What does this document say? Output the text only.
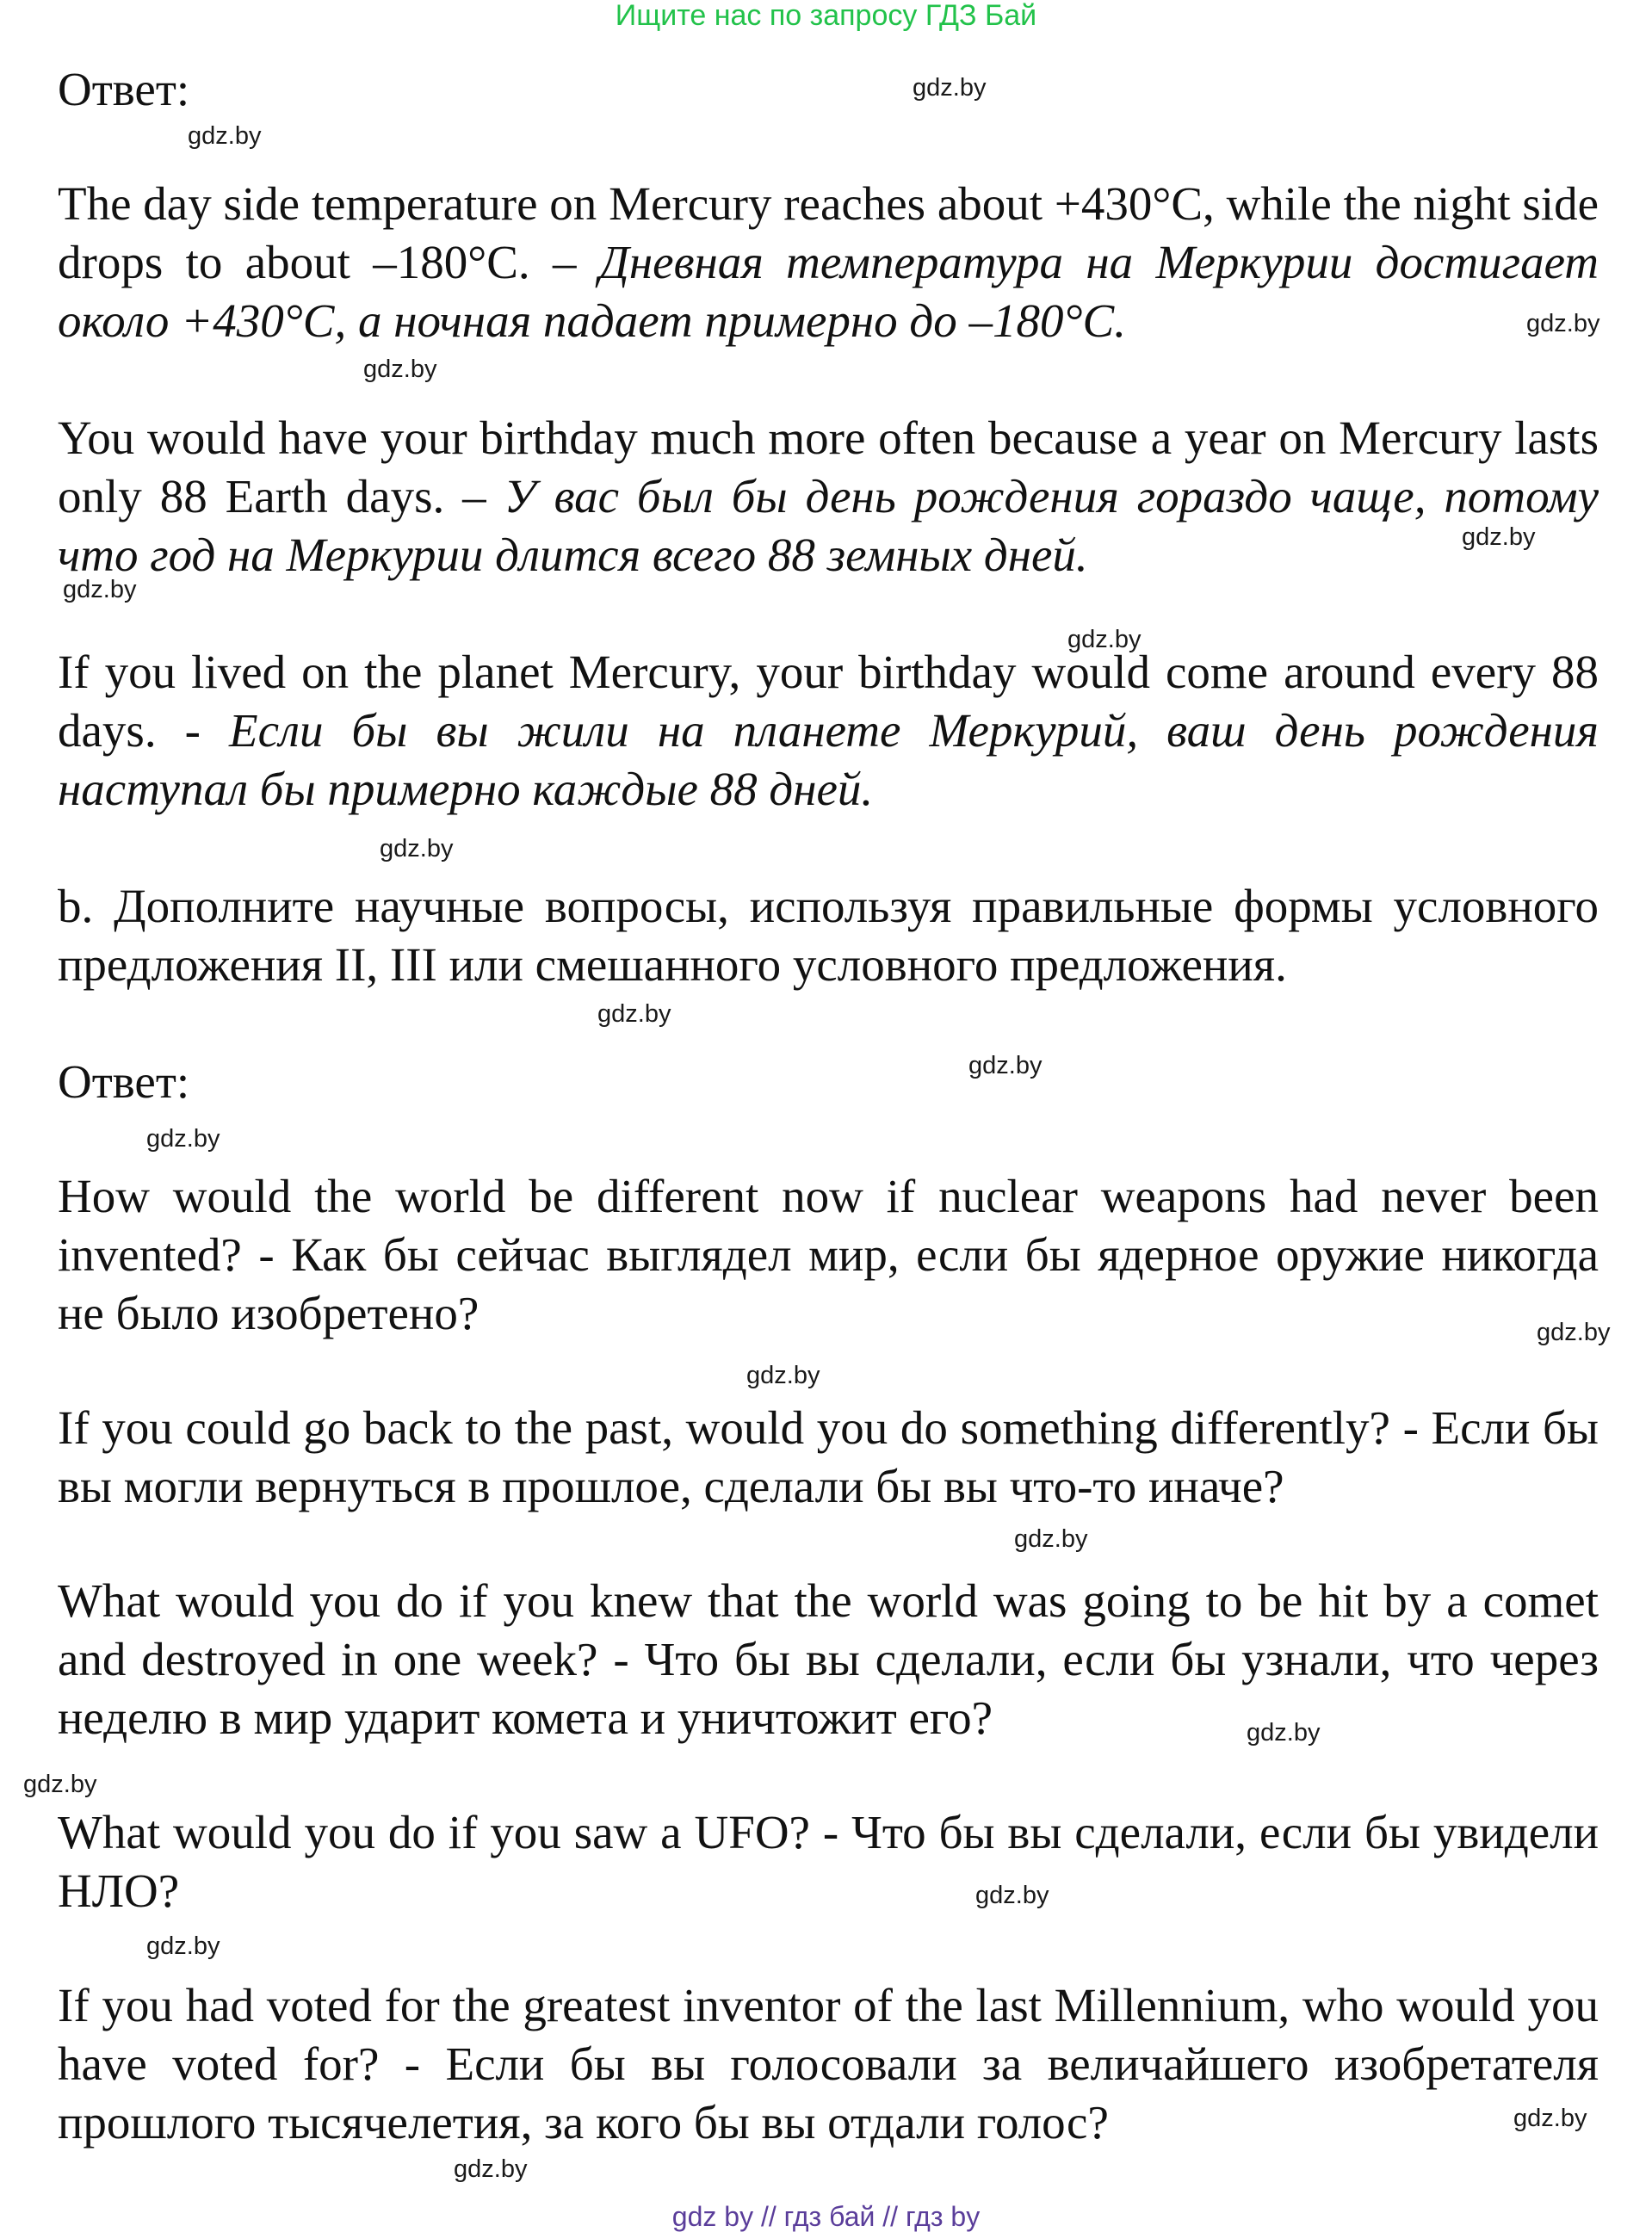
Ищите нас по запросу ГДЗ Бай

Ответ:

The day side temperature on Mercury reaches about +430°C, while the night side drops to about –180°C. – Дневная температура на Меркурии достигает около +430°C, а ночная падает примерно до –180°C.

You would have your birthday much more often because a year on Mercury lasts only 88 Earth days. – У вас был бы день рождения гораздо чаще, потому что год на Меркурии длится всего 88 земных дней.

If you lived on the planet Mercury, your birthday would come around every 88 days. - Если бы вы жили на планете Меркурий, ваш день рождения наступал бы примерно каждые 88 дней.

b. Дополните научные вопросы, используя правильные формы условного предложения II, III или смешанного условного предложения.

Ответ:

How would the world be different now if nuclear weapons had never been invented? - Как бы сейчас выглядел мир, если бы ядерное оружие никогда не было изобретено?

If you could go back to the past, would you do something differently? - Если бы вы могли вернуться в прошлое, сделали бы вы что-то иначе?

What would you do if you knew that the world was going to be hit by a comet and destroyed in one week? - Что бы вы сделали, если бы узнали, что через неделю в мир ударит комета и уничтожит его?

What would you do if you saw a UFO? - Что бы вы сделали, если бы увидели НЛО?

If you had voted for the greatest inventor of the last Millennium, who would you have voted for? - Если бы вы голосовали за величайшего изобретателя прошлого тысячелетия, за кого бы вы отдали голос?

gdz.by
gdz.by
gdz.by
gdz.by
gdz.by
gdz.by
gdz.by
gdz.by
gdz.by
gdz.by
gdz.by
gdz.by
gdz.by
gdz.by
gdz.by
gdz.by
gdz.by
gdz.by
gdz.by
gdz.by
gdz by // гдз бай // гдз by
